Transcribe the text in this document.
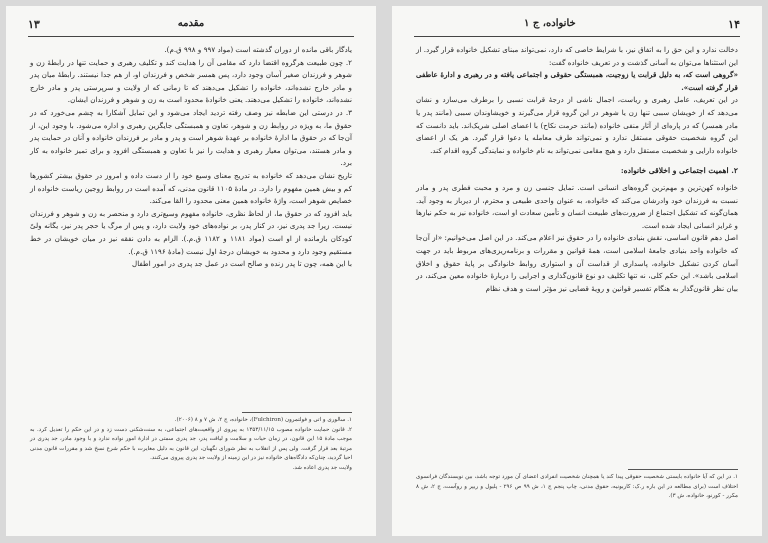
۱۳	مقدمه

یادگار باقی مانده از دوران گذشته است (مواد ۹۹۷ و ۹۹۸ ق.م).

۲. چون طبیعت هرگروه اقتضا دارد که مقامی آن را هدایت کند و تکلیف رهبری و حمایت تنها در رابطهٔ زن و شوهر و فرزندان صغیر آسان وجود دارد، پس همسر شخص و فرزندان او، از هم جدا نیستند. رابطهٔ میان پدر و مادر خارج نشده‌اند، خانواده را تشکیل می‌دهند که تا زمانی که از ولایت و سرپرستی پدر و مادر خارج نشده‌اند، خانواده را تشکیل می‌دهند. یعنی خانوادهٔ محدود است به زن و شوهر و فرزندان ایشان.

۳. در درستی این ضابطه نیز وصف رفته تردید ایجاد می‌شود و این تمایل آشکارا به چشم می‌خورد که در حقوق ما، به ویژه در روابط زن و شوهر، تعاون و همبستگی جایگزین رهبری و اداره می‌شود. با وجود این، از آن‌جا که در حقوق ما ادارهٔ خانواده بر عهدهٔ شوهر است و پدر و مادر بر فرزندان خانواده و آنان در حمایت پدر و مادر هستند، می‌توان معیار رهبری و هدایت را نیز با تعاون و همبستگی افزود و برای تمیز خانواده به کار برد.

تاریخ نشان می‌دهد که خانواده به تدریج معنای وسیع خود را از دست داده و امروز در حقوق بیشتر کشورها کم و بیش همین مفهوم را دارد. در مادهٔ ۱۱۰۵ قانون مدنی، که آمده است در روابط زوجین ریاست خانواده از خصایص شوهر است، واژهٔ خانواده همین معنی محدود را القا می‌کند.

باید افزود که در حقوق ما، از لحاظ نظری، خانواده مفهوم وسیع‌تری دارد و منحصر به زن و شوهر و فرزندان نیست. زیرا جد پدری نیز، در کنار پدر، بر نواده‌های خود ولایت دارد، و پس از مرگ یا حجر پدر نیز، یگانه ولیّ کودکان بازمانده از او است (مواد ۱۱۸۱ و ۱۱۸۲ ق.م.). الزام به دادن نفقه نیز در میان خویشان در خط مستقیم وجود دارد و محدود به خویشان درجهٔ اول نیست (مادهٔ ۱۱۹۶ ق.م.).

با این همه، چون تا پدر زنده و صالح است در عمل جد پدری در امور اطفال

۱. سالوری و اتی و فولتمرون (Fulchiron)، خانواده، ج ۲، ش ۷ و ۸ (۲۰۰۶).

۲. قانون حمایت خانواده مصوب ۱۳۵۳/۱۱/۱۵ به پیروی از واقعیت‌های اجتماعی، به سنت‌شکنی دست زد و در این حکم را تعدیل کرد. به موجب مادهٔ ۱۵ این قانون، در زمان حیات و سلامت و لیاقت پدر، جد پدری سمتی در ادارهٔ امور نواده ندارد و با وجود مادر، جد پدری در مرتبهٔ بعد قرار گرفت. ولی پس از انقلاب به نظر شورای نگهبان، این قانون به دلیل مغایرت با حکم شرع نسخ شد و مقررات قانون مدنی احیا گردید، چنان‌که دادگاه‌های خانواده نیز در این زمینه از ولایت جد پدری پیروی می‌کنند.

ولایت جد پدری اعاده شد.

۱۴
خانواده، ج ۱

دخالت ندارد و این حق را به اتفاق نیز، با شرایط خاصی که دارد، نمی‌تواند مبنای تشکیل خانواده قرار گیرد. از این استثناها می‌توان به آسانی گذشت و در تعریف خانواده گفت:

«گروهی است که، به دلیل قرابت یا زوجیت، همبستگی حقوقی و اجتماعی یافته و در رهبری و ادارهٔ عاطفی قرار گرفته است».

در این تعریف، عامل رهبری و ریاست، اجمال ناشی از درجهٔ قرابت نسبی را برطرف می‌سازد و نشان می‌دهد که از خویشان سببی تنها زن یا شوهر در این گروه قرار می‌گیرند و خویشاوندان سببی (مانند پدر یا مادر همسر) که در پاره‌ای از آثار منفی خانواده (مانند حرمت نکاح) با اعضای اصلی شریک‌اند. باید دانست که این گروه شخصیت حقوقی مستقل ندارد و نمی‌تواند طرف معامله یا دعوا قرار گیرد. هر یک از اعضای خانواده دارایی و شخصیت مستقل دارد و هیچ مقامی نمی‌تواند به نام خانواده و نمایندگی گروه اقدام کند.

۲. اهمیت اجتماعی و اخلاقی خانواده:

خانواده کهن‌ترین و مهم‌ترین گروه‌های انسانی است. تمایل جنسی زن و مرد و محبت فطری پدر و مادر نسبت به فرزندان خود وادرشان می‌کند که خانواده، به عنوان واحدی طبیعی و محترم، از دیرباز به وجود آید. همان‌گونه که تشکیل اجتماع از ضرورت‌های طبیعت انسان و تأمین سعادت او است، خانواده نیز به حکم نیازها و غرایز انسانی ایجاد شده است.

اصل دهم قانون اساسی، نقش بنیادی خانواده را در حقوق نیز اعلام می‌کند. در این اصل می‌خوانیم: «از آن‌جا که خانواده واحد بنیادی جامعهٔ اسلامی است، همهٔ قوانین و مقررات و برنامه‌ریزی‌های مربوط باید در جهت آسان کردن تشکیل خانواده، پاسداری از قداست آن و استواری روابط خانوادگی بر پایهٔ حقوق و اخلاق اسلامی باشد». این حکم کلی، نه تنها تکلیف دو نوع قانون‌گذاری و اجرایی را دربارهٔ خانواده معین می‌کند، در بیان نظر قانون‌گذار به هنگام تفسیر قوانین و رویهٔ قضایی نیز مؤثر است و هدف نظام

۱. در این که آیا خانواده بایستی شخصیت حقوقی پیدا کند یا همچنان شخصیت انفرادی اعضای آن مورد توجه باشد، بین نویسندگان فرانسوی اختلاف است (برای مطالعه در این باره ر.ک: کاربونیه، حقوق مدنی، چاپ پنجم ج ۱، ش ۹۹ ص ۲۹۶ - پلیول و ریپر و روآست، ج ۲، ش ۸ مکرر - کورنو، خانواده، ش ۳).
